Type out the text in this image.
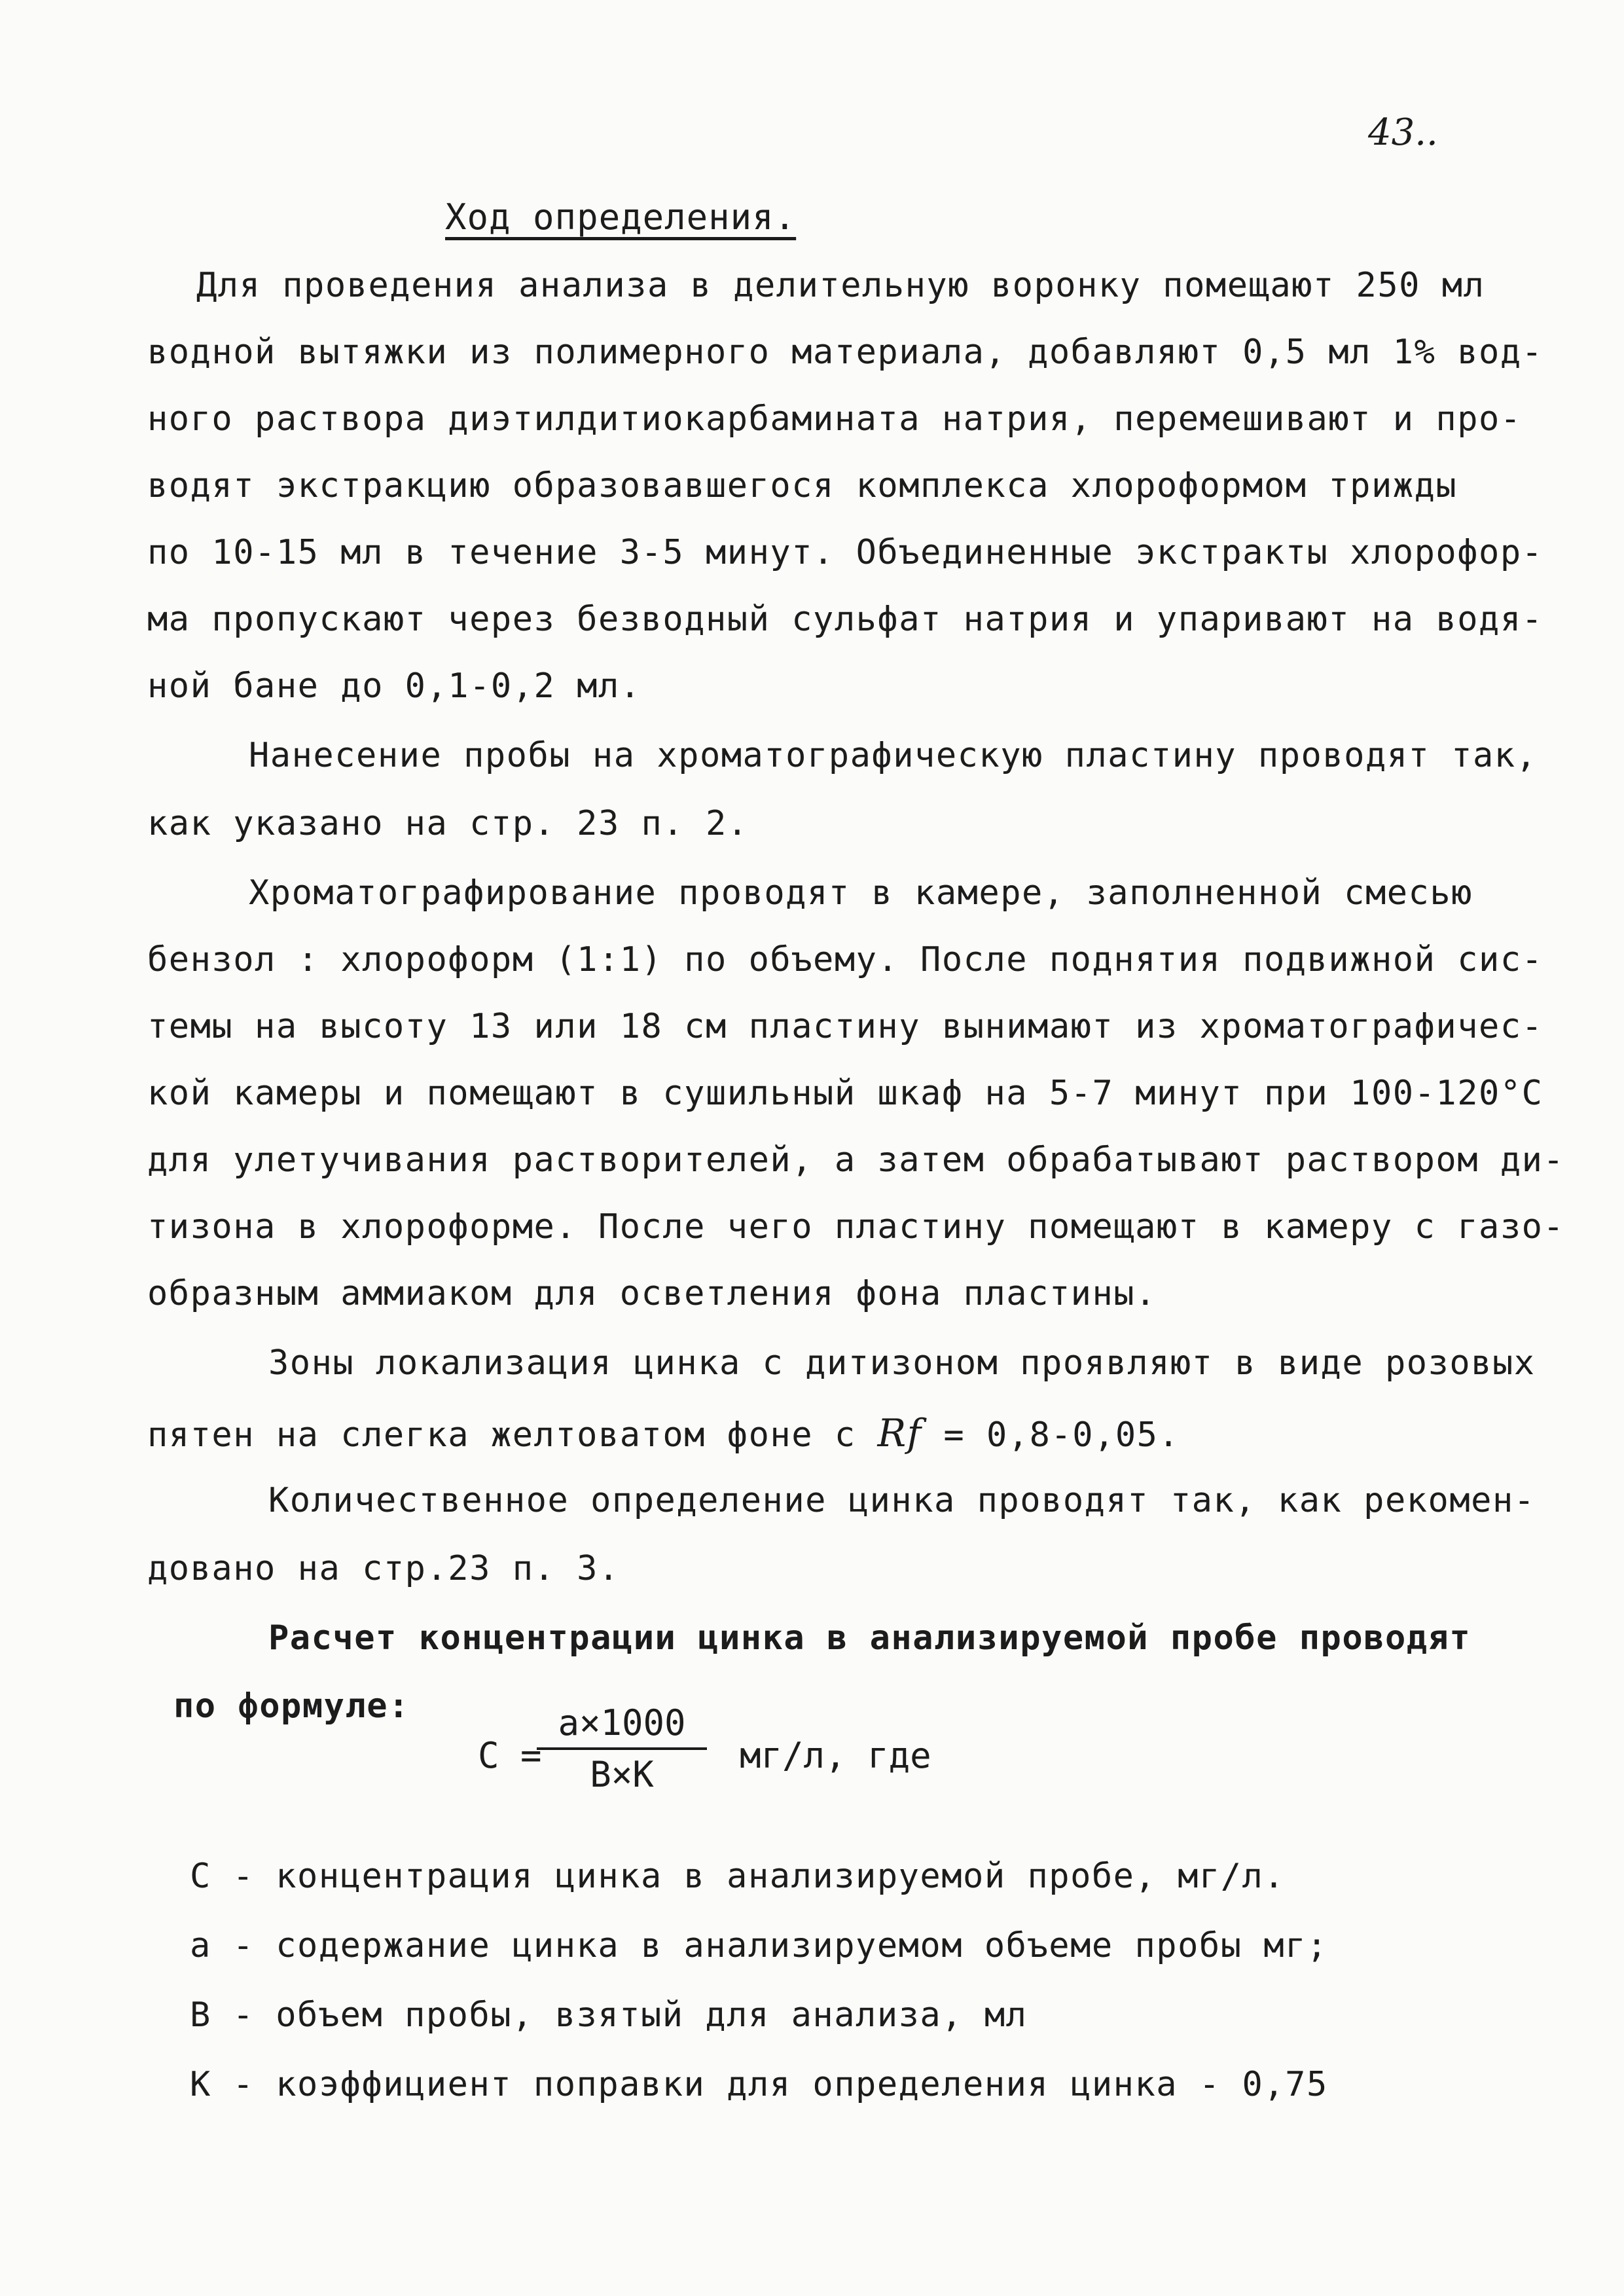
43..
Ход определения.
Для проведения анализа в делительную воронку помещают 250 мл
водной вытяжки из полимерного материала, добавляют 0,5 мл 1% вод-
ного раствора диэтилдитиокарбамината натрия, перемешивают и про-
водят экстракцию образовавшегося комплекса хлороформом трижды
по 10-15 мл в течение 3-5 минут. Объединенные экстракты хлорофор-
ма пропускают через безводный сульфат натрия и упаривают на водя-
ной бане до 0,1-0,2 мл.
Нанесение пробы на хроматографическую пластину проводят так,
как указано на стр. 23 п. 2.
Хроматографирование проводят в камере, заполненной смесью
бензол : хлороформ (1:1) по объему. После поднятия подвижной сис-
темы на высоту 13 или 18 см пластину вынимают из хроматографичес-
кой камеры и помещают в сушильный шкаф на 5-7 минут при 100-120°С
для улетучивания растворителей, а затем обрабатывают раствором ди-
тизона в хлороформе. После чего пластину помещают в камеру с газо-
образным аммиаком для осветления фона пластины.
Зоны локализация цинка с дитизоном проявляют в виде розовых
пятен на слегка желтоватом фоне с Rf = 0,8-0,05.
Количественное определение цинка проводят так, как рекомен-
довано на стр.23 п. 3.
Расчет концентрации цинка в анализируемой пробе проводят
по формуле:
С =
a×1000
B×K	мг/л, где
С - концентрация цинка в анализируемой пробе, мг/л.
а - содержание цинка в анализируемом объеме пробы мг;
В - объем пробы, взятый для анализа, мл
К - коэффициент поправки для определения цинка - 0,75
